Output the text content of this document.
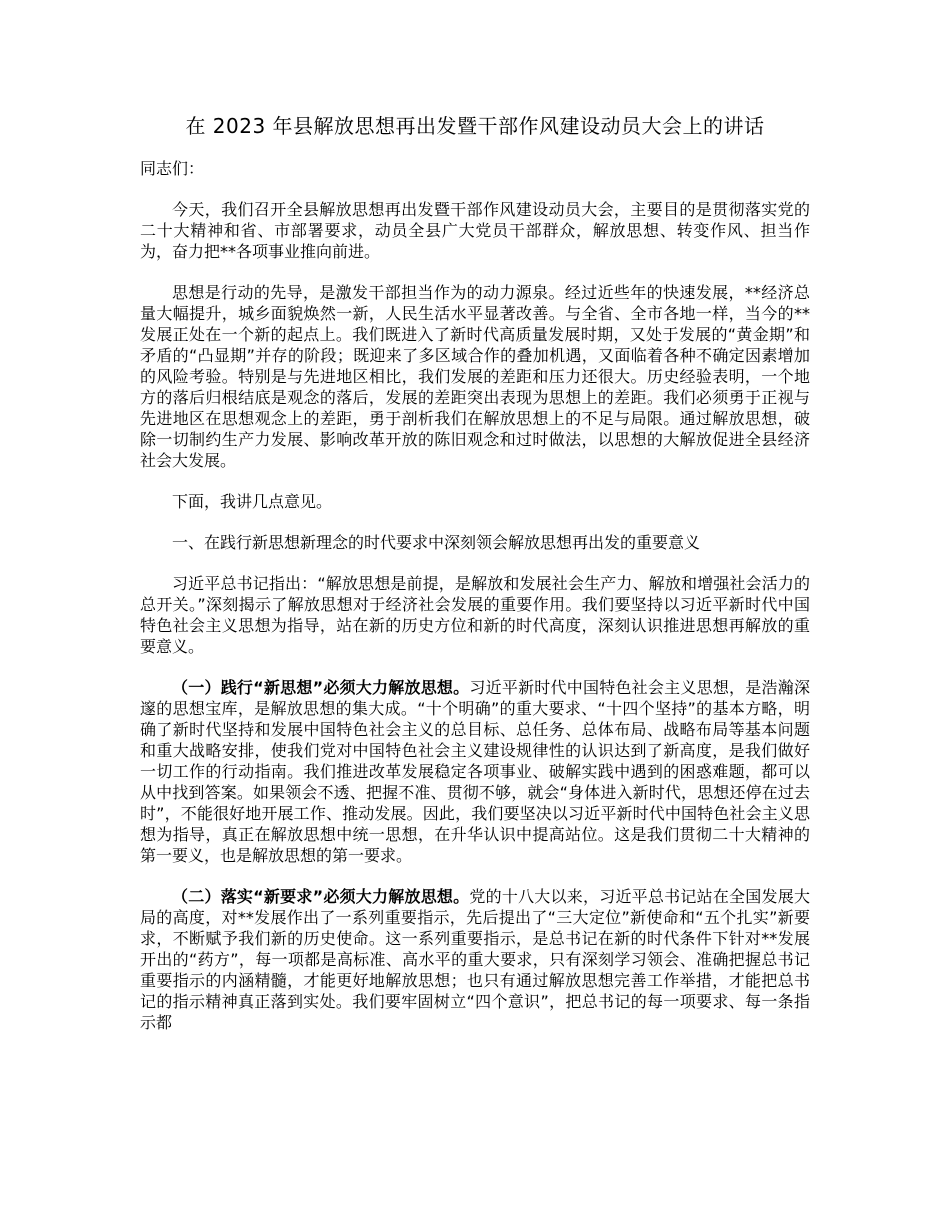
在 2023 年县解放思想再出发暨干部作风建设动员大会上的讲话
同志们：

今天，我们召开全县解放思想再出发暨干部作风建设动员大会，主要目的是贯彻落实党的二十大精神和省、市部署要求，动员全县广大党员干部群众，解放思想、转变作风、担当作为，奋力把**各项事业推向前进。

思想是行动的先导，是激发干部担当作为的动力源泉。经过近些年的快速发展，**经济总量大幅提升，城乡面貌焕然一新，人民生活水平显著改善。与全省、全市各地一样，当今的**发展正处在一个新的起点上。我们既进入了新时代高质量发展时期，又处于发展的“黄金期”和矛盾的“凸显期”并存的阶段；既迎来了多区域合作的叠加机遇，又面临着各种不确定因素增加的风险考验。特别是与先进地区相比，我们发展的差距和压力还很大。历史经验表明，一个地方的落后归根结底是观念的落后，发展的差距突出表现为思想上的差距。我们必须勇于正视与先进地区在思想观念上的差距，勇于剖析我们在解放思想上的不足与局限。通过解放思想，破除一切制约生产力发展、影响改革开放的陈旧观念和过时做法，以思想的大解放促进全县经济社会大发展。

下面，我讲几点意见。

一、在践行新思想新理念的时代要求中深刻领会解放思想再出发的重要意义

习近平总书记指出：“解放思想是前提，是解放和发展社会生产力、解放和增强社会活力的总开关。”深刻揭示了解放思想对于经济社会发展的重要作用。我们要坚持以习近平新时代中国特色社会主义思想为指导，站在新的历史方位和新的时代高度，深刻认识推进思想再解放的重要意义。

（一）践行“新思想”必须大力解放思想。习近平新时代中国特色社会主义思想，是浩瀚深邃的思想宝库，是解放思想的集大成。“十个明确”的重大要求、“十四个坚持”的基本方略，明确了新时代坚持和发展中国特色社会主义的总目标、总任务、总体布局、战略布局等基本问题和重大战略安排，使我们党对中国特色社会主义建设规律性的认识达到了新高度，是我们做好一切工作的行动指南。我们推进改革发展稳定各项事业、破解实践中遇到的困惑难题，都可以从中找到答案。如果领会不透、把握不准、贯彻不够，就会“身体进入新时代，思想还停在过去时”，不能很好地开展工作、推动发展。因此，我们要坚决以习近平新时代中国特色社会主义思想为指导，真正在解放思想中统一思想，在升华认识中提高站位。这是我们贯彻二十大精神的第一要义，也是解放思想的第一要求。

（二）落实“新要求”必须大力解放思想。党的十八大以来，习近平总书记站在全国发展大局的高度，对**发展作出了一系列重要指示，先后提出了“三大定位”新使命和“五个扎实”新要求，不断赋予我们新的历史使命。这一系列重要指示，是总书记在新的时代条件下针对**发展开出的“药方”，每一项都是高标准、高水平的重大要求，只有深刻学习领会、准确把握总书记重要指示的内涵精髓，才能更好地解放思想；也只有通过解放思想完善工作举措，才能把总书记的指示精神真正落到实处。我们要牢固树立“四个意识”，把总书记的每一项要求、每一条指示都
